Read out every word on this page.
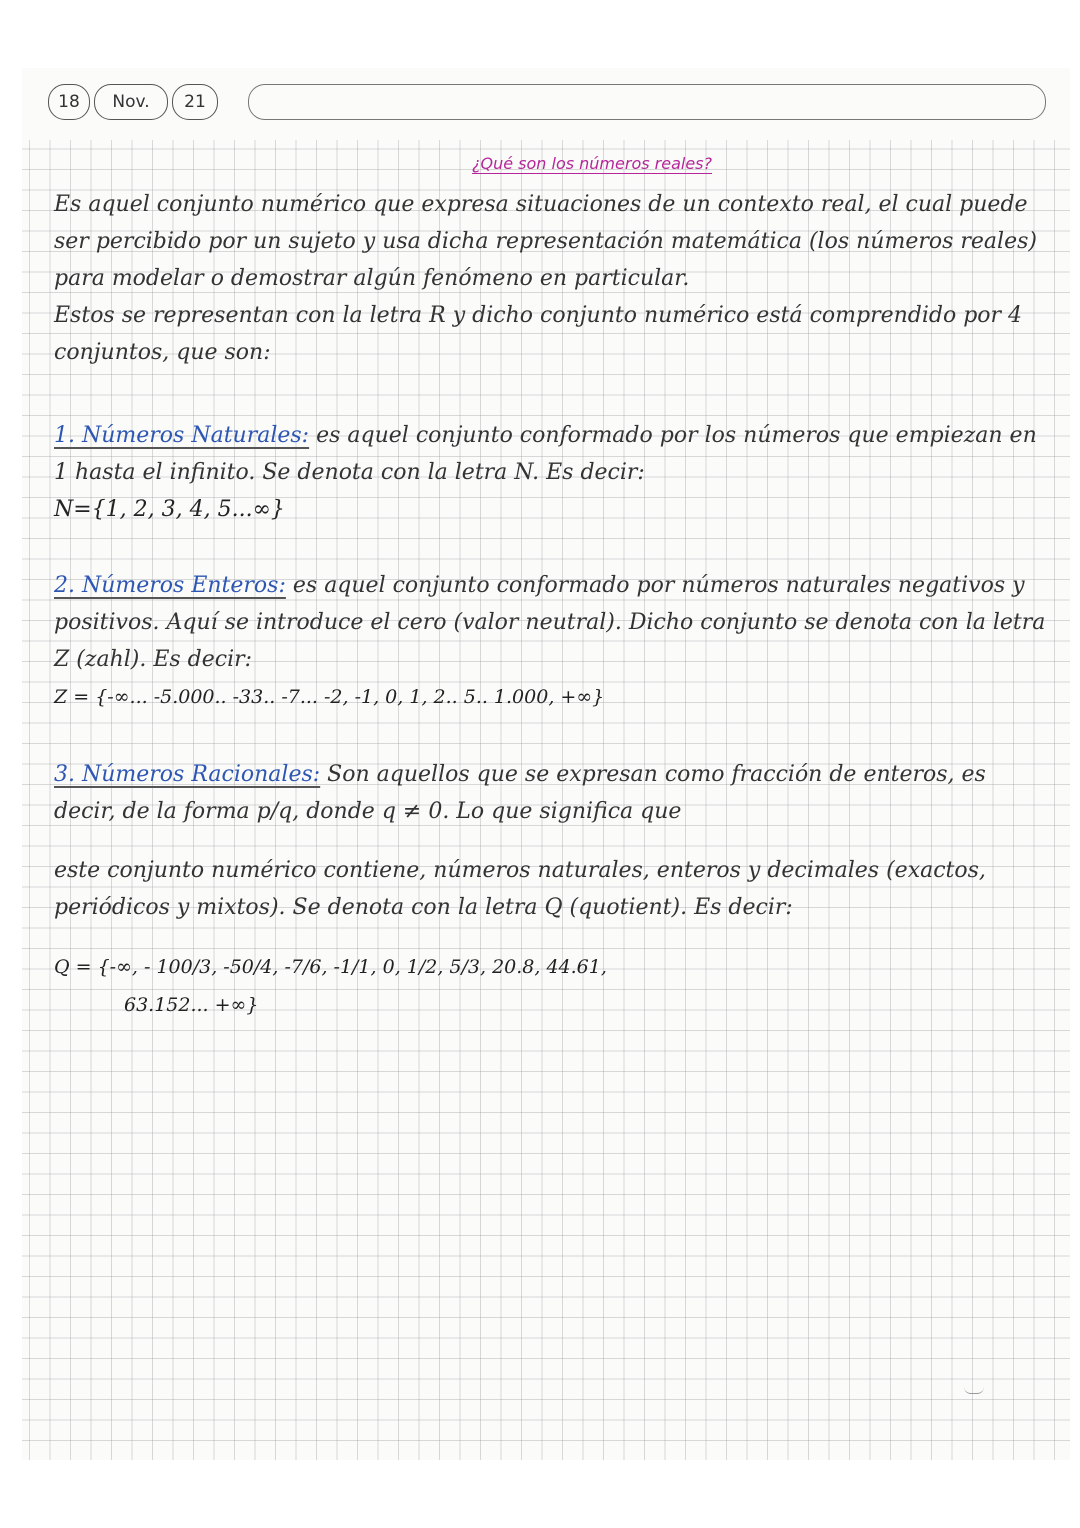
18	Nov.	21
¿Qué son los números reales?

Es aquel conjunto numérico que expresa situaciones de un contexto real, el cual puede ser percibido por un sujeto y usa dicha representación matemática (los números reales) para modelar o demostrar algún fenómeno en particular.

Estos se representan con la letra R y dicho conjunto numérico está comprendido por 4 conjuntos, que son:

1. Números Naturales: es aquel conjunto conformado por los números que empiezan en 1 hasta el infinito. Se denota con la letra N. Es decir:

N={1, 2, 3, 4, 5...∞}

2. Números Enteros: es aquel conjunto conformado por números naturales negativos y positivos. Aquí se introduce el cero (valor neutral). Dicho conjunto se denota con la letra Z (zahl). Es decir:

Z = {-∞... -5.000.. -33.. -7... -2, -1, 0, 1, 2.. 5.. 1.000, +∞}

3. Números Racionales: Son aquellos que se expresan como fracción de enteros, es decir, de la forma p/q, donde q ≠ 0. Lo que significa que

este conjunto numérico contiene, números naturales, enteros y decimales (exactos, periódicos y mixtos). Se denota con la letra Q (quotient). Es decir:

Q = {-∞, - 100/3, -50/4, -7/6, -1/1, 0, 1/2, 5/3, 20.8, 44.61,
63.152... +∞}
